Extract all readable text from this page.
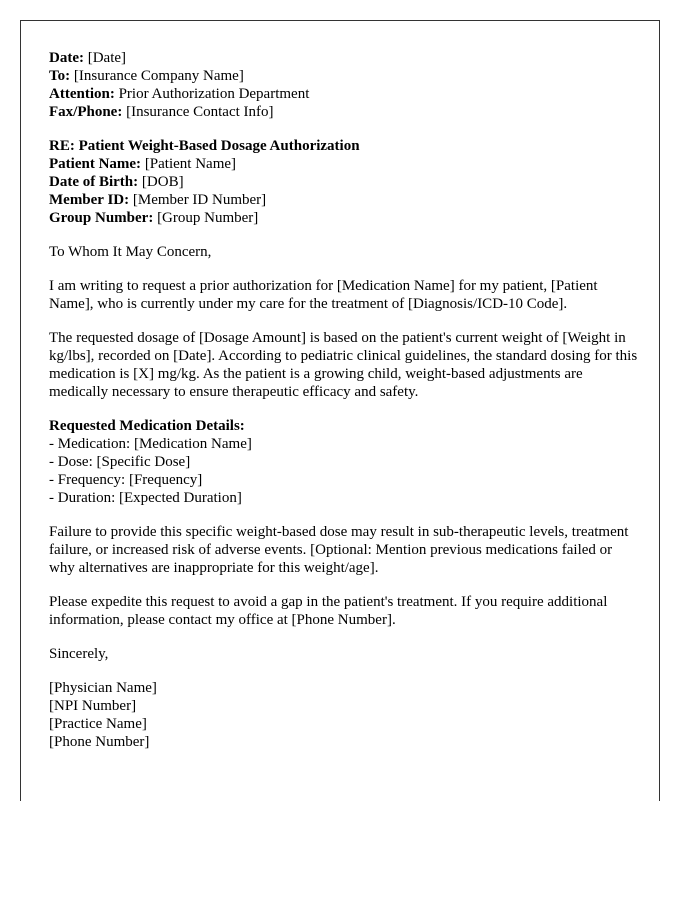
Date: [Date]
To: [Insurance Company Name]
Attention: Prior Authorization Department
Fax/Phone: [Insurance Contact Info]
RE: Patient Weight-Based Dosage Authorization
Patient Name: [Patient Name]
Date of Birth: [DOB]
Member ID: [Member ID Number]
Group Number: [Group Number]
To Whom It May Concern,
I am writing to request a prior authorization for [Medication Name] for my patient, [Patient Name], who is currently under my care for the treatment of [Diagnosis/ICD-10 Code].
The requested dosage of [Dosage Amount] is based on the patient's current weight of [Weight in kg/lbs], recorded on [Date]. According to pediatric clinical guidelines, the standard dosing for this medication is [X] mg/kg. As the patient is a growing child, weight-based adjustments are medically necessary to ensure therapeutic efficacy and safety.
Requested Medication Details:
- Medication: [Medication Name]
- Dose: [Specific Dose]
- Frequency: [Frequency]
- Duration: [Expected Duration]
Failure to provide this specific weight-based dose may result in sub-therapeutic levels, treatment failure, or increased risk of adverse events. [Optional: Mention previous medications failed or why alternatives are inappropriate for this weight/age].
Please expedite this request to avoid a gap in the patient's treatment. If you require additional information, please contact my office at [Phone Number].
Sincerely,
[Physician Name]
[NPI Number]
[Practice Name]
[Phone Number]
